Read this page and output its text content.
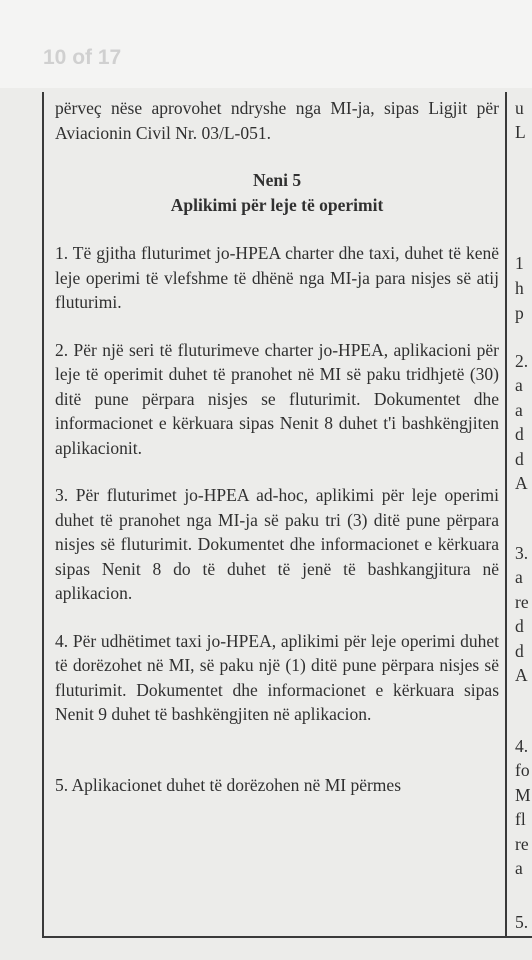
10 of 17

përveç nëse aprovohet ndryshe nga MI-ja, sipas Ligjit për Aviacionin Civil Nr. 03/L-051.

Neni 5

Aplikimi për leje të operimit

1. Të gjitha fluturimet jo-HPEA charter dhe taxi, duhet të kenë leje operimi të vlefshme të dhënë nga MI-ja para nisjes së atij fluturimi.

2. Për një seri të fluturimeve charter jo-HPEA, aplikacioni për leje të operimit duhet të pranohet në MI së paku tridhjetë (30) ditë pune përpara nisjes se fluturimit. Dokumentet dhe informacionet e kërkuara sipas Nenit 8 duhet t'i bashkëngjiten aplikacionit.

3. Për fluturimet jo-HPEA ad-hoc, aplikimi për leje operimi duhet të pranohet nga MI-ja së paku tri (3) ditë pune përpara nisjes së fluturimit. Dokumentet dhe informacionet e kërkuara sipas Nenit 8 do të duhet të jenë të bashkangjitura në aplikacion.

4. Për udhëtimet taxi jo-HPEA, aplikimi për leje operimi duhet të dorëzohet në MI, së paku një (1) ditë pune përpara nisjes së fluturimit. Dokumentet dhe informacionet e kërkuara sipas Nenit 9 duhet të bashkëngjiten në aplikacion.

5. Aplikacionet duhet të dorëzohen në MI përmes

u
L
1
h
p
2.
a
a
d
d
A
3.
a
re
d
d
A
4.
fo
M
fl
re
a
5.
